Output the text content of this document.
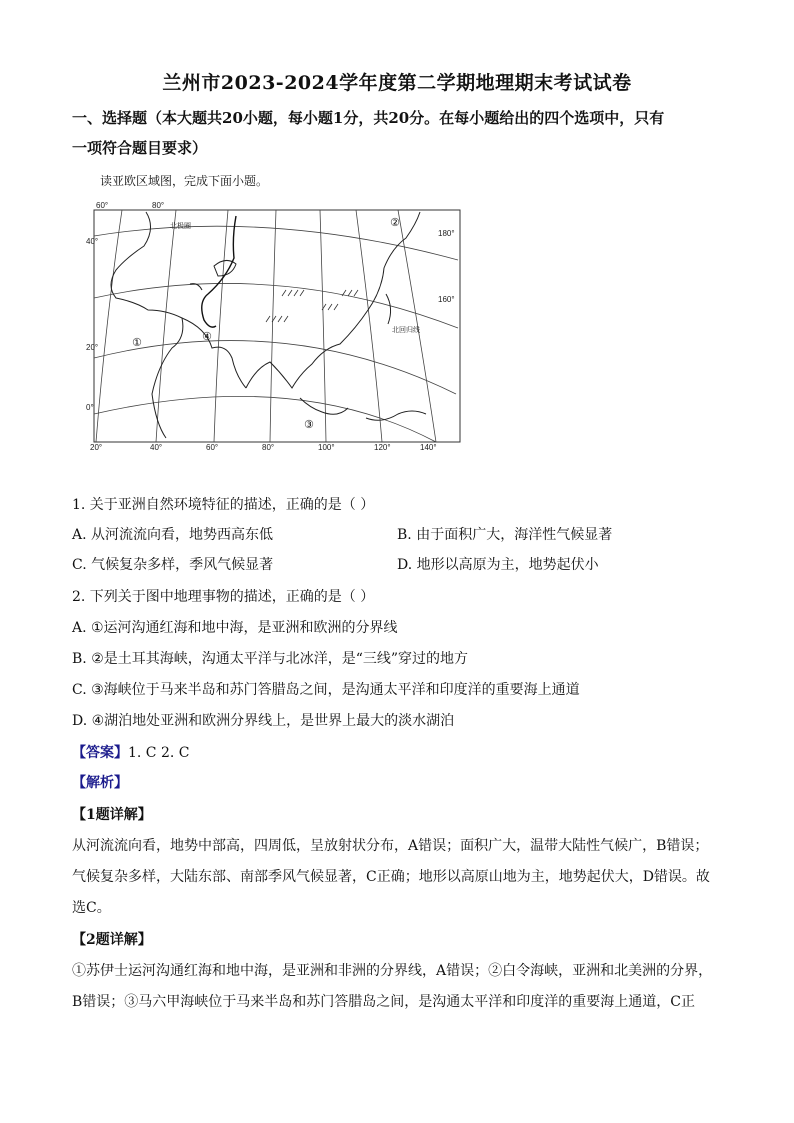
兰州市2023-2024学年度第二学期地理期末考试试卷
一、选择题（本大题共20小题，每小题1分，共20分。在每小题给出的四个选项中，只有
一项符合题目要求）
读亚欧区域图，完成下面小题。
60°	80°
40°
20°
0°
180°
160°
20°	40°	60°	80°	100°	120°	140°
北极圈
北回归线
①
②
③
④
1. 关于亚洲自然环境特征的描述，正确的是（ ）
A. 从河流流向看，地势西高东低	B. 由于面积广大，海洋性气候显著
C. 气候复杂多样，季风气候显著	D. 地形以高原为主，地势起伏小
2. 下列关于图中地理事物的描述，正确的是（ ）
A. ①运河沟通红海和地中海，是亚洲和欧洲的分界线
B. ②是土耳其海峡，沟通太平洋与北冰洋，是“三线”穿过的地方
C. ③海峡位于马来半岛和苏门答腊岛之间，是沟通太平洋和印度洋的重要海上通道
D. ④湖泊地处亚洲和欧洲分界线上，是世界上最大的淡水湖泊
【答案】1. C 2. C
【解析】
【1题详解】
从河流流向看，地势中部高，四周低，呈放射状分布，A错误；面积广大，温带大陆性气候广，B错误；
气候复杂多样，大陆东部、南部季风气候显著，C正确；地形以高原山地为主，地势起伏大，D错误。故
选C。
【2题详解】
①苏伊士运河沟通红海和地中海，是亚洲和非洲的分界线，A错误；②白令海峡，亚洲和北美洲的分界，
B错误；③马六甲海峡位于马来半岛和苏门答腊岛之间，是沟通太平洋和印度洋的重要海上通道，C正
